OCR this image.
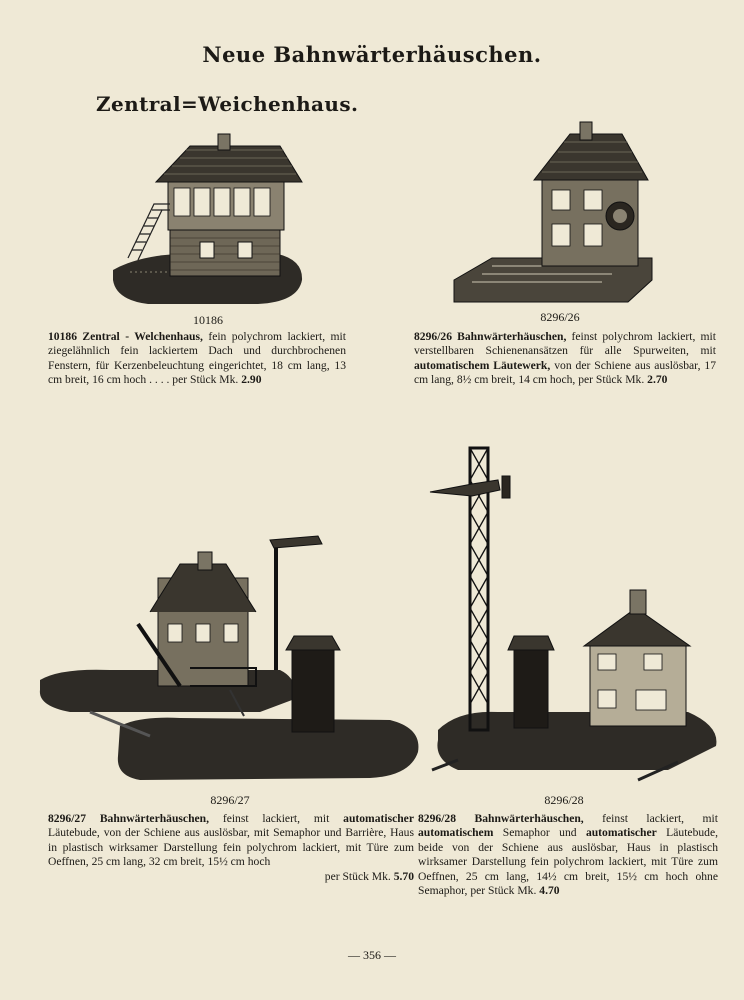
Neue Bahnwärterhäuschen.
Zentral=Weichenhaus.
10186	8296/26
10186 Zentral - Welchenhaus, fein polychrom lackiert, mit ziegelähnlich fein lackiertem Dach und durchbrochenen Fenstern, für Kerzenbeleuchtung eingerichtet, 18 cm lang, 13 cm breit, 16 cm hoch . . . . per Stück Mk. 2.90
8296/26 Bahnwärterhäuschen, feinst polychrom lackiert, mit verstellbaren Schienenansätzen für alle Spurweiten, mit automatischem Läutewerk, von der Schiene aus auslösbar, 17 cm lang, 8½ cm breit, 14 cm hoch, per Stück Mk. 2.70
8296/27	8296/28
8296/27 Bahnwärterhäuschen, feinst lackiert, mit automatischer Läutebude, von der Schiene aus auslösbar, mit Semaphor und Barrière, Haus in plastisch wirksamer Darstellung fein polychrom lackiert, mit Türe zum Oeffnen, 25 cm lang, 32 cm breit, 15½ cm hoch
per Stück Mk. 5.70
8296/28 Bahnwärterhäuschen, feinst lackiert, mit automatischem Semaphor und automatischer Läutebude, beide von der Schiene aus auslösbar, Haus in plastisch wirksamer Darstellung fein polychrom lackiert, mit Türe zum Oeffnen, 25 cm lang, 14½ cm breit, 15½ cm hoch ohne Semaphor, per Stück Mk. 4.70
— 356 —
